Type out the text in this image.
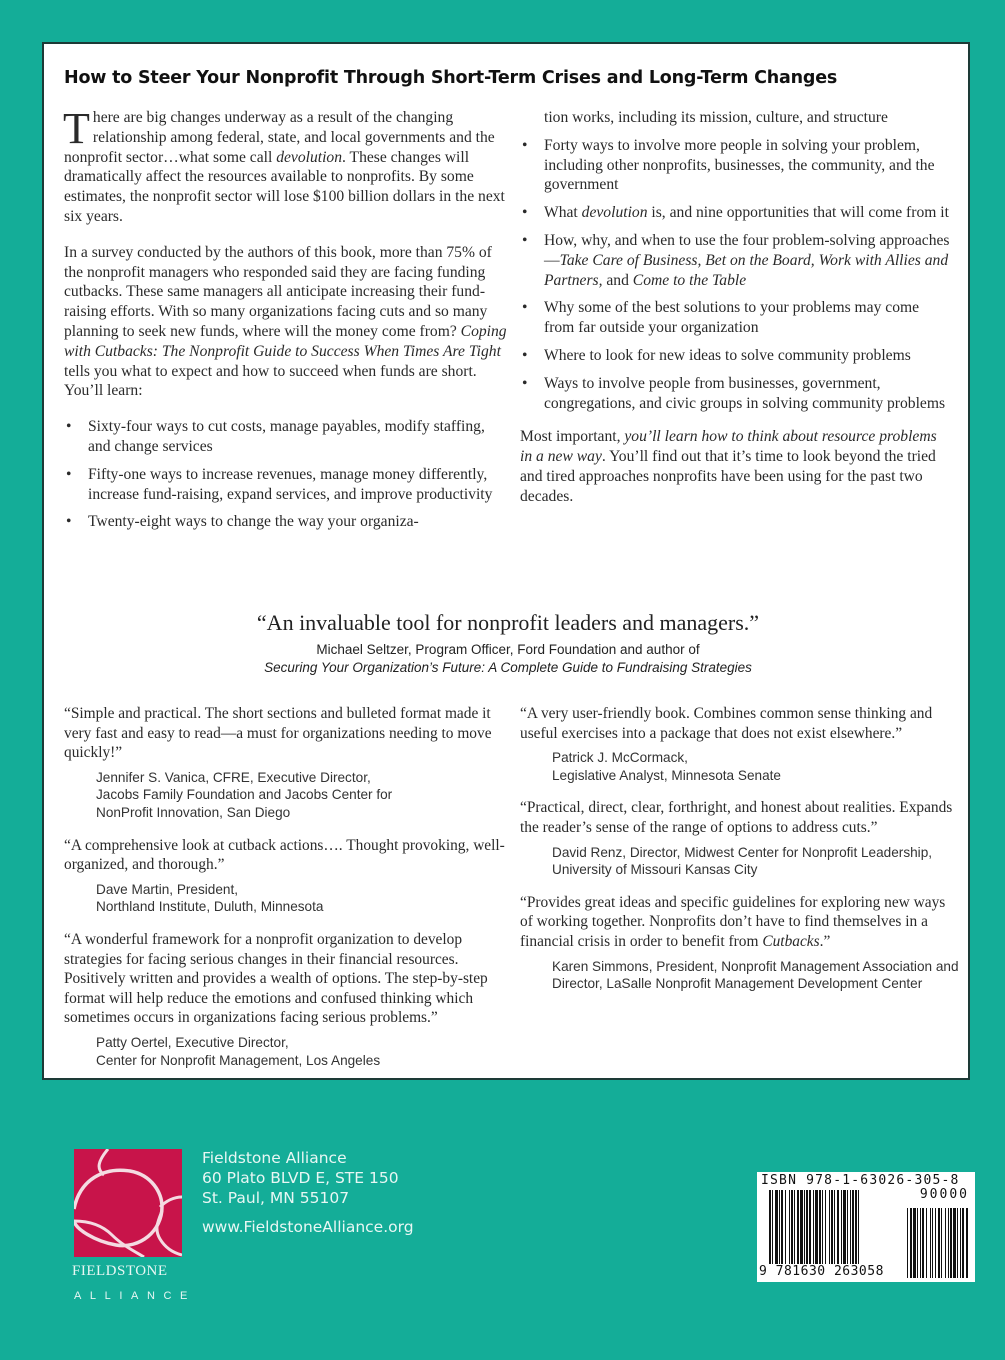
How to Steer Your Nonprofit Through Short-Term Crises and Long-Term Changes

There are big changes underway as a result of the changing relationship among federal, state, and local governments and the nonprofit sector…what some call devolution. These changes will dramatically affect the resources available to nonprofits. By some estimates, the nonprofit sector will lose $100 billion dollars in the next six years.

In a survey conducted by the authors of this book, more than 75% of the nonprofit managers who responded said they are facing funding cutbacks. These same managers all anticipate increasing their fund-raising efforts. With so many organizations facing cuts and so many planning to seek new funds, where will the money come from? Coping with Cutbacks: The Nonprofit Guide to Success When Times Are Tight tells you what to expect and how to succeed when funds are short. You’ll learn:

• Sixty-four ways to cut costs, manage payables, modify staffing, and change services
• Fifty-one ways to increase revenues, manage money differently, increase fund-raising, expand services, and improve productivity
• Twenty-eight ways to change the way your organiza-
tion works, including its mission, culture, and structure
• Forty ways to involve more people in solving your problem, including other nonprofits, businesses, the community, and the government
• What devolution is, and nine opportunities that will come from it
• How, why, and when to use the four problem-solving approaches—Take Care of Business, Bet on the Board, Work with Allies and Partners, and Come to the Table
• Why some of the best solutions to your problems may come from far outside your organization
• Where to look for new ideas to solve community problems
• Ways to involve people from businesses, government, congregations, and civic groups in solving community problems

Most important, you’ll learn how to think about resource problems in a new way. You’ll find out that it’s time to look beyond the tried and tired approaches nonprofits have been using for the past two decades.

“An invaluable tool for nonprofit leaders and managers.”
Michael Seltzer, Program Officer, Ford Foundation and author of
Securing Your Organization’s Future: A Complete Guide to Fundraising Strategies
“Simple and practical. The short sections and bulleted format made it very fast and easy to read—a must for organizations needing to move quickly!”
Jennifer S. Vanica, CFRE, Executive Director,
Jacobs Family Foundation and Jacobs Center for
NonProfit Innovation, San Diego
“A comprehensive look at cutback actions…. Thought provoking, well-organized, and thorough.”
Dave Martin, President,
Northland Institute, Duluth, Minnesota
“A wonderful framework for a nonprofit organization to develop strategies for facing serious changes in their financial resources. Positively written and provides a wealth of options. The step-by-step format will help reduce the emotions and confused thinking which sometimes occurs in organizations facing serious problems.”
Patty Oertel, Executive Director,
Center for Nonprofit Management, Los Angeles
“A very user-friendly book. Combines common sense thinking and useful exercises into a package that does not exist elsewhere.”
Patrick J. McCormack,
Legislative Analyst, Minnesota Senate
“Practical, direct, clear, forthright, and honest about realities. Expands the reader’s sense of the range of options to address cuts.”
David Renz, Director, Midwest Center for Nonprofit Leadership,
University of Missouri Kansas City
“Provides great ideas and specific guidelines for exploring new ways of working together. Nonprofits don’t have to find themselves in a financial crisis in order to benefit from Cutbacks.”
Karen Simmons, President, Nonprofit Management Association and Director, LaSalle Nonprofit Management Development Center
FIELDSTONE
ALLIANCE
Fieldstone Alliance
60 Plato BLVD E, STE 150
St. Paul, MN 55107
www.FieldstoneAlliance.org
ISBN 978-1-63026-305-8
90000
9 781630 263058
